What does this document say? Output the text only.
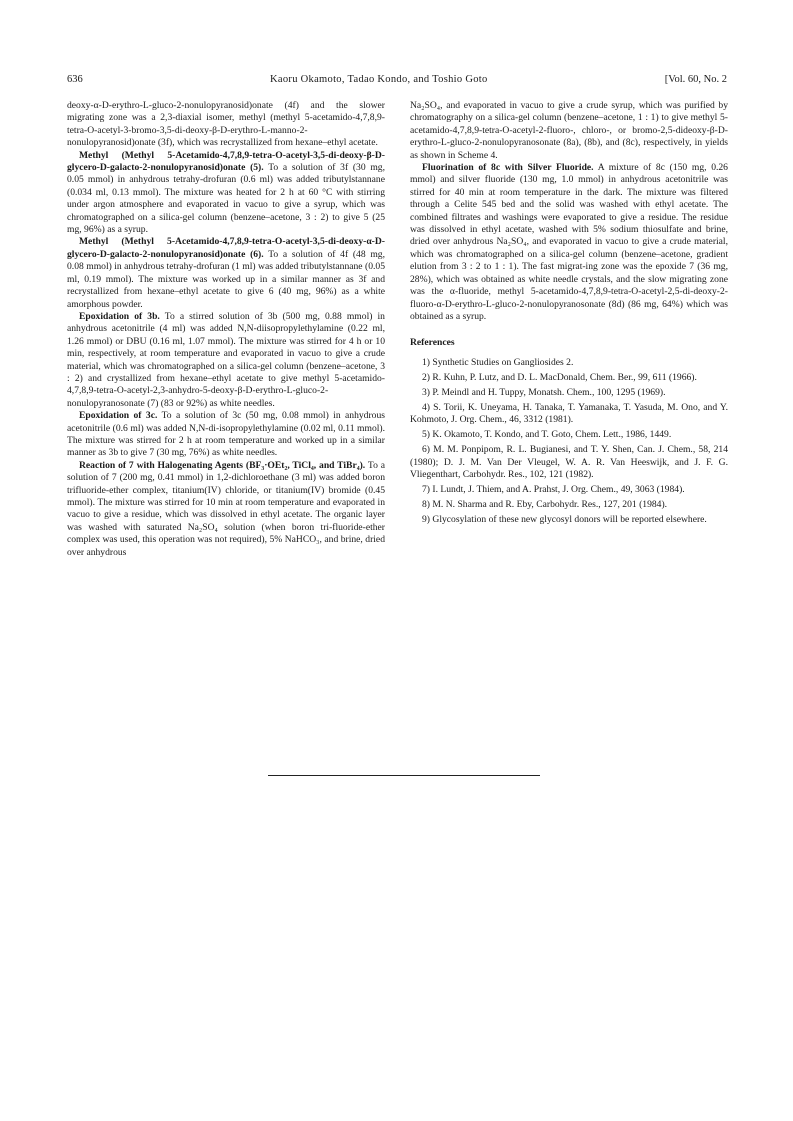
636	Kaoru Okamoto, Tadao Kondo, and Toshio Goto	[Vol. 60, No. 2

deoxy-α-D-erythro-L-gluco-2-nonulopyranosid)onate (4f) and the slower migrating zone was a 2,3-diaxial isomer, methyl (methyl 5-acetamido-4,7,8,9-tetra-O-acetyl-3-bromo-3,5-di-deoxy-β-D-erythro-L-manno-2-nonulopyranosid)onate (3f), which was recrystallized from hexane–ethyl acetate.

Methyl (Methyl 5-Acetamido-4,7,8,9-tetra-O-acetyl-3,5-di-deoxy-β-D-glycero-D-galacto-2-nonulopyranosid)onate (5). To a solution of 3f (30 mg, 0.05 mmol) in anhydrous tetrahy-drofuran (0.6 ml) was added tributylstannane (0.034 ml, 0.13 mmol). The mixture was heated for 2 h at 60 °C with stirring under argon atmosphere and evaporated in vacuo to give a syrup, which was chromatographed on a silica-gel column (benzene–acetone, 3 : 2) to give 5 (25 mg, 96%) as a syrup.

Methyl (Methyl 5-Acetamido-4,7,8,9-tetra-O-acetyl-3,5-di-deoxy-α-D-glycero-D-galacto-2-nonulopyranosid)onate (6). To a solution of 4f (48 mg, 0.08 mmol) in anhydrous tetrahy-drofuran (1 ml) was added tributylstannane (0.05 ml, 0.19 mmol). The mixture was worked up in a similar manner as 3f and recrystallized from hexane–ethyl acetate to give 6 (40 mg, 96%) as a white amorphous powder.

Epoxidation of 3b. To a stirred solution of 3b (500 mg, 0.88 mmol) in anhydrous acetonitrile (4 ml) was added N,N-diisopropylethylamine (0.22 ml, 1.26 mmol) or DBU (0.16 ml, 1.07 mmol). The mixture was stirred for 4 h or 10 min, respectively, at room temperature and evaporated in vacuo to give a crude material, which was chromatographed on a silica-gel column (benzene–acetone, 3 : 2) and crystallized from hexane–ethyl acetate to give methyl 5-acetamido-4,7,8,9-tetra-O-acetyl-2,3-anhydro-5-deoxy-β-D-erythro-L-gluco-2-nonulopyranosonate (7) (83 or 92%) as white needles.

Epoxidation of 3c. To a solution of 3c (50 mg, 0.08 mmol) in anhydrous acetonitrile (0.6 ml) was added N,N-di-isopropylethylamine (0.02 ml, 0.11 mmol). The mixture was stirred for 2 h at room temperature and worked up in a similar manner as 3b to give 7 (30 mg, 76%) as white needles.

Reaction of 7 with Halogenating Agents (BF₃·OEt₂, TiCl₄, and TiBr₄). To a solution of 7 (200 mg, 0.41 mmol) in 1,2-dichloroethane (3 ml) was added boron trifluoride-ether complex, titanium(IV) chloride, or titanium(IV) bromide (0.45 mmol). The mixture was stirred for 10 min at room temperature and evaporated in vacuo to give a residue, which was dissolved in ethyl acetate. The organic layer was washed with saturated Na₂SO₄ solution (when boron tri-fluoride-ether complex was used, this operation was not required), 5% NaHCO₃, and brine, dried over anhydrous

Na₂SO₄, and evaporated in vacuo to give a crude syrup, which was purified by chromatography on a silica-gel column (benzene–acetone, 1 : 1) to give methyl 5-acetamido-4,7,8,9-tetra-O-acetyl-2-fluoro-, chloro-, or bromo-2,5-dideoxy-β-D-erythro-L-gluco-2-nonulopyranosonate (8a), (8b), and (8c), respectively, in yields as shown in Scheme 4.

Fluorination of 8c with Silver Fluoride. A mixture of 8c (150 mg, 0.26 mmol) and silver fluoride (130 mg, 1.0 mmol) in anhydrous acetonitrile was stirred for 40 min at room temperature in the dark. The mixture was filtered through a Celite 545 bed and the solid was washed with ethyl acetate. The combined filtrates and washings were evaporated to give a residue. The residue was dissolved in ethyl acetate, washed with 5% sodium thiosulfate and brine, dried over anhydrous Na₂SO₄, and evaporated in vacuo to give a crude material, which was chromatographed on a silica-gel column (benzene–acetone, gradient elution from 3 : 2 to 1 : 1). The fast migrat-ing zone was the epoxide 7 (36 mg, 28%), which was obtained as white needle crystals, and the slow migrating zone was the α-fluoride, methyl 5-acetamido-4,7,8,9-tetra-O-acetyl-2,5-di-deoxy-2-fluoro-α-D-erythro-L-gluco-2-nonulopyranosonate (8d) (86 mg, 64%) which was obtained as a syrup.

References

1) Synthetic Studies on Gangliosides 2.

2) R. Kuhn, P. Lutz, and D. L. MacDonald, Chem. Ber., 99, 611 (1966).

3) P. Meindl and H. Tuppy, Monatsh. Chem., 100, 1295 (1969).

4) S. Torii, K. Uneyama, H. Tanaka, T. Yamanaka, T. Yasuda, M. Ono, and Y. Kohmoto, J. Org. Chem., 46, 3312 (1981).

5) K. Okamoto, T. Kondo, and T. Goto, Chem. Lett., 1986, 1449.

6) M. M. Ponpipom, R. L. Bugianesi, and T. Y. Shen, Can. J. Chem., 58, 214 (1980); D. J. M. Van Der Vleugel, W. A. R. Van Heeswijk, and J. F. G. Vliegenthart, Carbohydr. Res., 102, 121 (1982).

7) I. Lundt, J. Thiem, and A. Prahst, J. Org. Chem., 49, 3063 (1984).

8) M. N. Sharma and R. Eby, Carbohydr. Res., 127, 201 (1984).

9) Glycosylation of these new glycosyl donors will be reported elsewhere.
